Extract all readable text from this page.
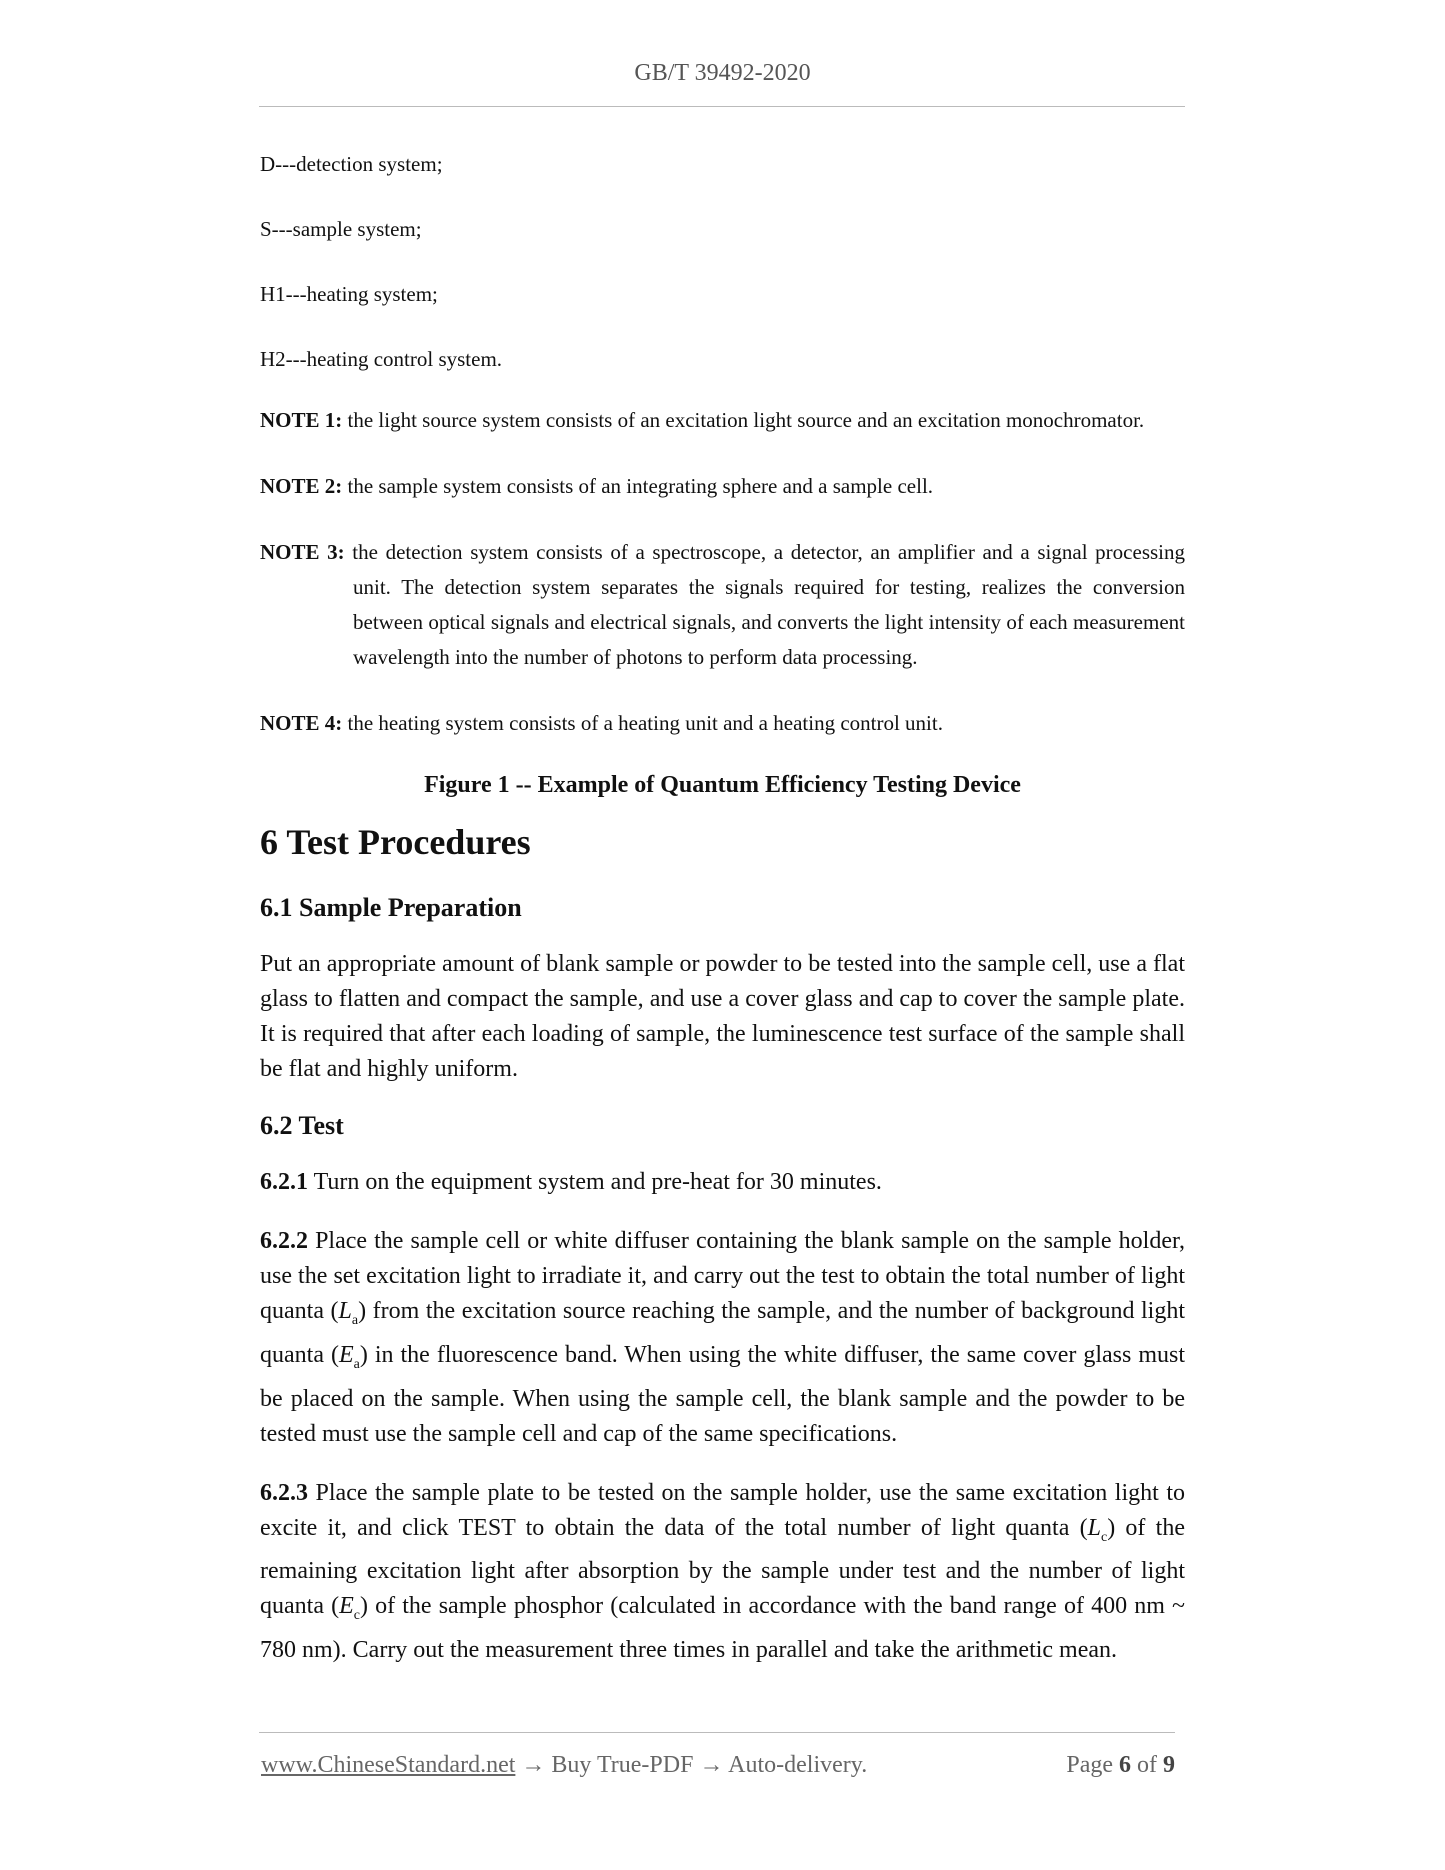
GB/T 39492-2020
D---detection system;
S---sample system;
H1---heating system;
H2---heating control system.
NOTE 1: the light source system consists of an excitation light source and an excitation monochromator.
NOTE 2: the sample system consists of an integrating sphere and a sample cell.
NOTE 3: the detection system consists of a spectroscope, a detector, an amplifier and a signal processing unit. The detection system separates the signals required for testing, realizes the conversion between optical signals and electrical signals, and converts the light intensity of each measurement wavelength into the number of photons to perform data processing.
NOTE 4: the heating system consists of a heating unit and a heating control unit.
Figure 1 -- Example of Quantum Efficiency Testing Device
6 Test Procedures
6.1 Sample Preparation
Put an appropriate amount of blank sample or powder to be tested into the sample cell, use a flat glass to flatten and compact the sample, and use a cover glass and cap to cover the sample plate. It is required that after each loading of sample, the luminescence test surface of the sample shall be flat and highly uniform.
6.2 Test
6.2.1 Turn on the equipment system and pre-heat for 30 minutes.
6.2.2 Place the sample cell or white diffuser containing the blank sample on the sample holder, use the set excitation light to irradiate it, and carry out the test to obtain the total number of light quanta $(L_a)$ from the excitation source reaching the sample, and the number of background light quanta $(E_a)$ in the fluorescence band. When using the white diffuser, the same cover glass must be placed on the sample. When using the sample cell, the blank sample and the powder to be tested must use the sample cell and cap of the same specifications.
6.2.3 Place the sample plate to be tested on the sample holder, use the same excitation light to excite it, and click TEST to obtain the data of the total number of light quanta $(L_c)$ of the remaining excitation light after absorption by the sample under test and the number of light quanta $(E_c)$ of the sample phosphor (calculated in accordance with the band range of 400 nm ~ 780 nm). Carry out the measurement three times in parallel and take the arithmetic mean.
www.ChineseStandard.net → Buy True-PDF → Auto-delivery.	Page 6 of 9
